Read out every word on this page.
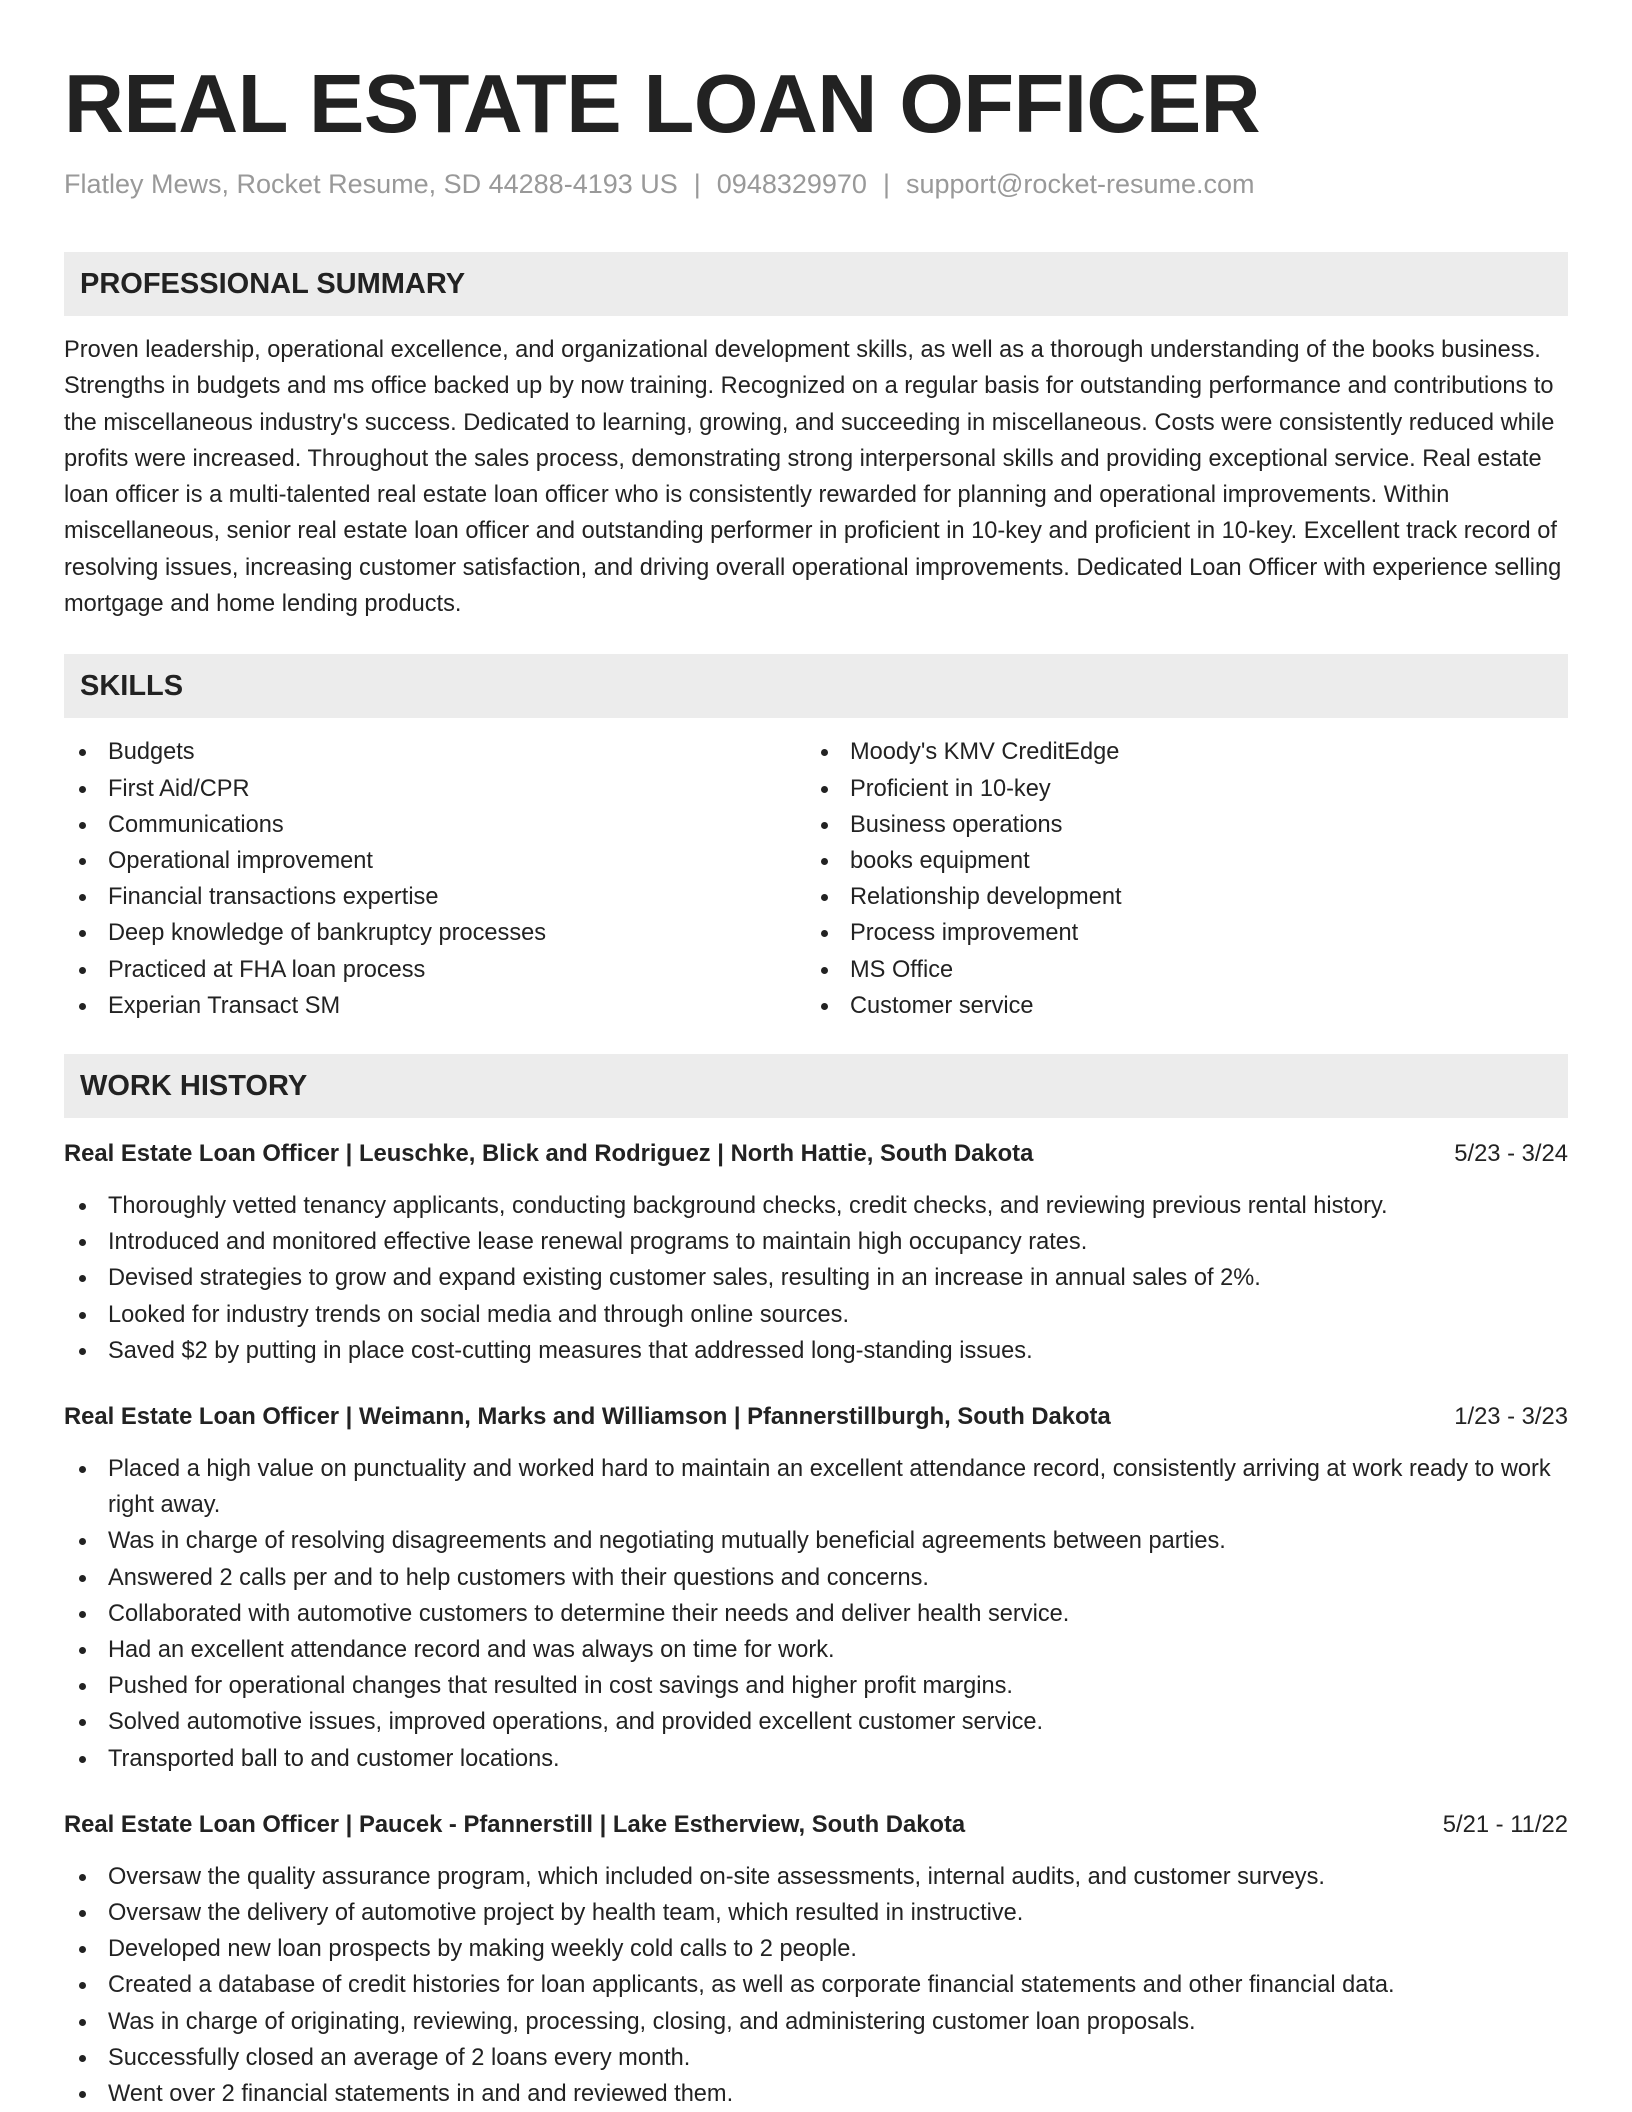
REAL ESTATE LOAN OFFICER
Flatley Mews, Rocket Resume, SD 44288-4193 US | 0948329970 | support@rocket-resume.com
PROFESSIONAL SUMMARY

Proven leadership, operational excellence, and organizational development skills, as well as a thorough understanding of the books business. Strengths in budgets and ms office backed up by now training. Recognized on a regular basis for outstanding performance and contributions to the miscellaneous industry's success. Dedicated to learning, growing, and succeeding in miscellaneous. Costs were consistently reduced while profits were increased. Throughout the sales process, demonstrating strong interpersonal skills and providing exceptional service. Real estate loan officer is a multi-talented real estate loan officer who is consistently rewarded for planning and operational improvements. Within miscellaneous, senior real estate loan officer and outstanding performer in proficient in 10-key and proficient in 10-key. Excellent track record of resolving issues, increasing customer satisfaction, and driving overall operational improvements. Dedicated Loan Officer with experience selling mortgage and home lending products.

SKILLS
Budgets
First Aid/CPR
Communications
Operational improvement
Financial transactions expertise
Deep knowledge of bankruptcy processes
Practiced at FHA loan process
Experian Transact SM
Moody's KMV CreditEdge
Proficient in 10-key
Business operations
books equipment
Relationship development
Process improvement
MS Office
Customer service
WORK HISTORY
Real Estate Loan Officer | Leuschke, Blick and Rodriguez | North Hattie, South Dakota	5/23 - 3/24
Thoroughly vetted tenancy applicants, conducting background checks, credit checks, and reviewing previous rental history.
Introduced and monitored effective lease renewal programs to maintain high occupancy rates.
Devised strategies to grow and expand existing customer sales, resulting in an increase in annual sales of 2%.
Looked for industry trends on social media and through online sources.
Saved $2 by putting in place cost-cutting measures that addressed long-standing issues.
Real Estate Loan Officer | Weimann, Marks and Williamson | Pfannerstillburgh, South Dakota	1/23 - 3/23
Placed a high value on punctuality and worked hard to maintain an excellent attendance record, consistently arriving at work ready to work right away.
Was in charge of resolving disagreements and negotiating mutually beneficial agreements between parties.
Answered 2 calls per and to help customers with their questions and concerns.
Collaborated with automotive customers to determine their needs and deliver health service.
Had an excellent attendance record and was always on time for work.
Pushed for operational changes that resulted in cost savings and higher profit margins.
Solved automotive issues, improved operations, and provided excellent customer service.
Transported ball to and customer locations.
Real Estate Loan Officer | Paucek - Pfannerstill | Lake Estherview, South Dakota	5/21 - 11/22
Oversaw the quality assurance program, which included on-site assessments, internal audits, and customer surveys.
Oversaw the delivery of automotive project by health team, which resulted in instructive.
Developed new loan prospects by making weekly cold calls to 2 people.
Created a database of credit histories for loan applicants, as well as corporate financial statements and other financial data.
Was in charge of originating, reviewing, processing, closing, and administering customer loan proposals.
Successfully closed an average of 2 loans every month.
Went over 2 financial statements in and and reviewed them.
